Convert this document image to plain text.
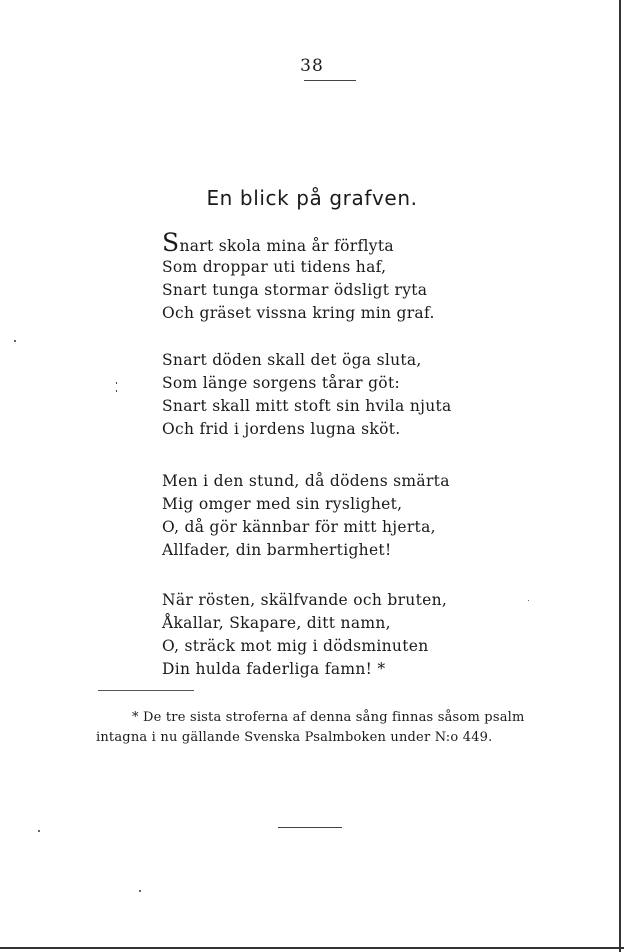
38
En blick på grafven.
Snart skola mina år förflyta
Som droppar uti tidens haf,
Snart tunga stormar ödsligt ryta
Och gräset vissna kring min graf.
Snart döden skall det öga sluta,
Som länge sorgens tårar göt:
Snart skall mitt stoft sin hvila njuta
Och frid i jordens lugna sköt.
Men i den stund, då dödens smärta
Mig omger med sin ryslighet,
O, då gör kännbar för mitt hjerta,
Allfader, din barmhertighet!
När rösten, skälfvande och bruten,
Åkallar, Skapare, ditt namn,
O, sträck mot mig i dödsminuten
Din hulda faderliga famn! *
* De tre sista stroferna af denna sång finnas såsom psalm
intagna i nu gällande Svenska Psalmboken under N:o 449.
